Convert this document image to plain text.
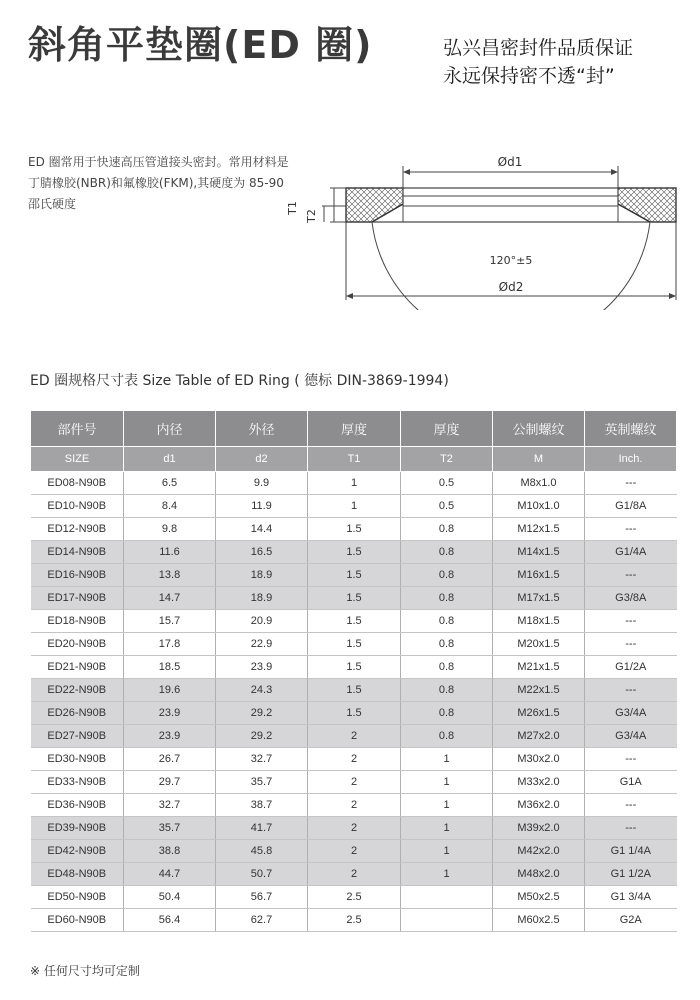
斜角平垫圈(ED 圈)	弘兴昌密封件品质保证
永远保持密不透“封”
ED 圈常用于快速高压管道接头密封。常用材料是丁腈橡胶(NBR)和氟橡胶(FKM),其硬度为 85-90 邵氏硬度
Ød1
T1
T2
120°±5
Ød2
ED 圈规格尺寸表 Size Table of ED Ring ( 德标 DIN-3869-1994)
部件号	内径	外径	厚度	厚度	公制螺纹	英制螺纹
SIZE	d1	d2	T1	T2	M	Inch.
ED08-N90B	6.5	9.9	1	0.5	M8x1.0	---
ED10-N90B	8.4	11.9	1	0.5	M10x1.0	G1/8A
ED12-N90B	9.8	14.4	1.5	0.8	M12x1.5	---
ED14-N90B	11.6	16.5	1.5	0.8	M14x1.5	G1/4A
ED16-N90B	13.8	18.9	1.5	0.8	M16x1.5	---
ED17-N90B	14.7	18.9	1.5	0.8	M17x1.5	G3/8A
ED18-N90B	15.7	20.9	1.5	0.8	M18x1.5	---
ED20-N90B	17.8	22.9	1.5	0.8	M20x1.5	---
ED21-N90B	18.5	23.9	1.5	0.8	M21x1.5	G1/2A
ED22-N90B	19.6	24.3	1.5	0.8	M22x1.5	---
ED26-N90B	23.9	29.2	1.5	0.8	M26x1.5	G3/4A
ED27-N90B	23.9	29.2	2	0.8	M27x2.0	G3/4A
ED30-N90B	26.7	32.7	2	1	M30x2.0	---
ED33-N90B	29.7	35.7	2	1	M33x2.0	G1A
ED36-N90B	32.7	38.7	2	1	M36x2.0	---
ED39-N90B	35.7	41.7	2	1	M39x2.0	---
ED42-N90B	38.8	45.8	2	1	M42x2.0	G1 1/4A
ED48-N90B	44.7	50.7	2	1	M48x2.0	G1 1/2A
ED50-N90B	50.4	56.7	2.5		M50x2.5	G1 3/4A
ED60-N90B	56.4	62.7	2.5		M60x2.5	G2A
※ 任何尺寸均可定制
